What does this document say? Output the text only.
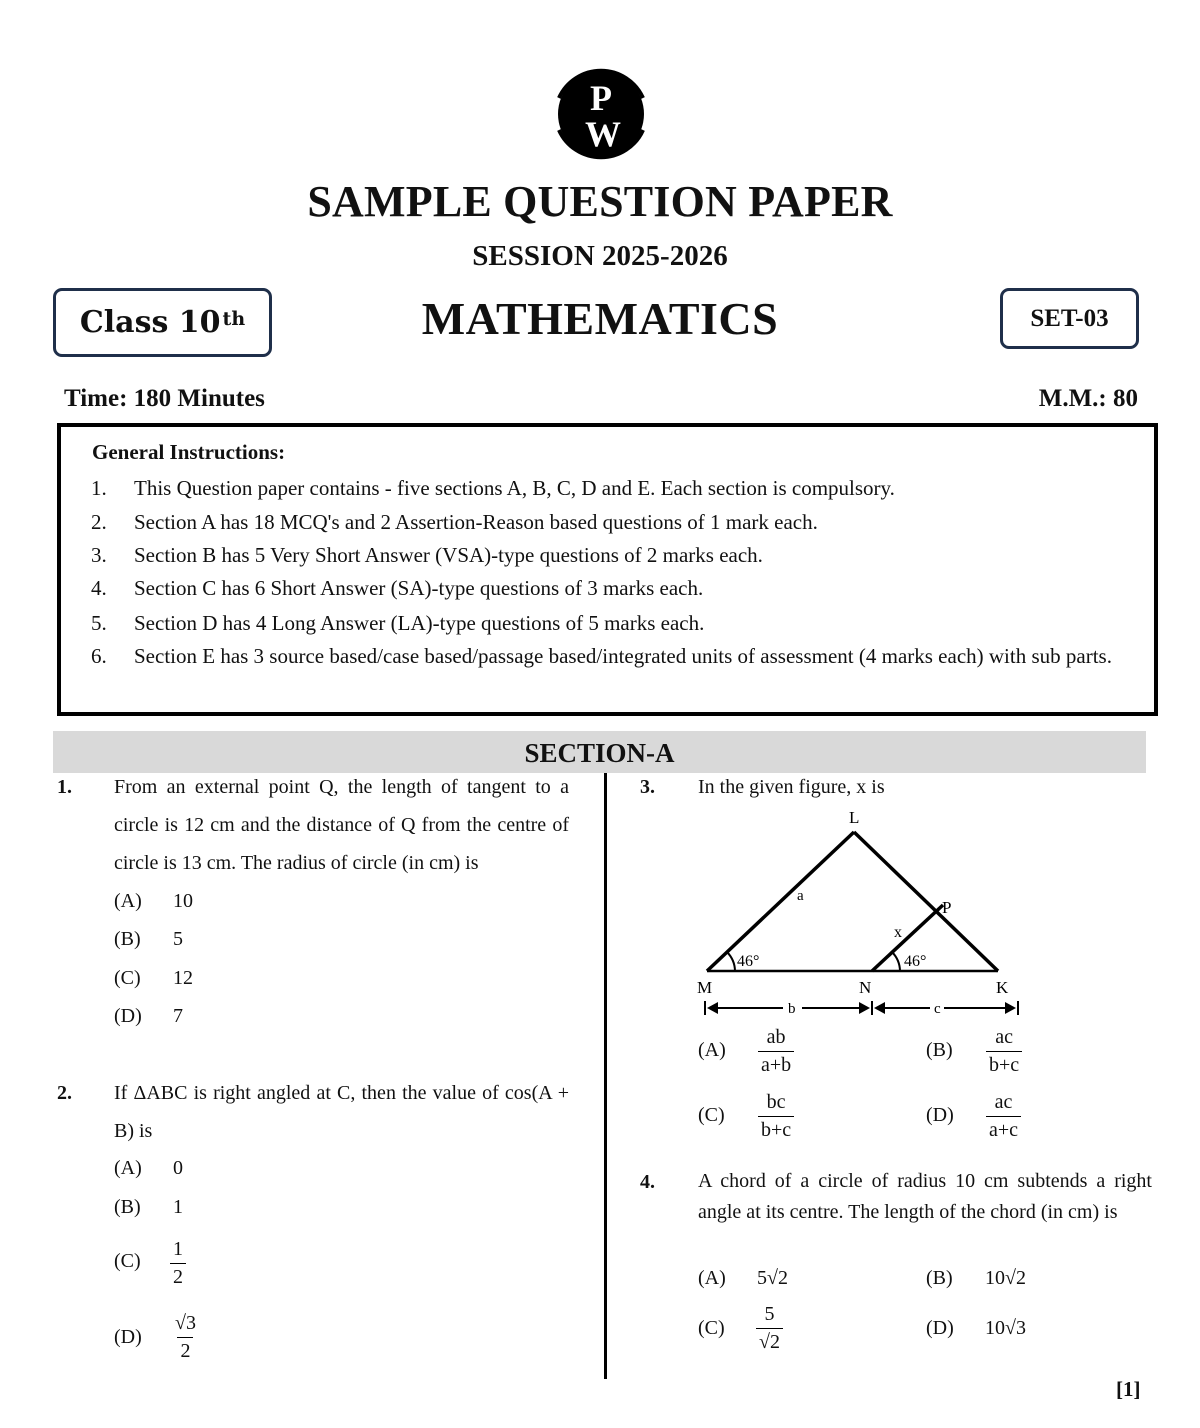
P
W
SAMPLE QUESTION PAPER
SESSION 2025-2026
MATHEMATICS
Class 10th	SET-03
Time: 180 Minutes	M.M.: 80
General Instructions:
1. This Question paper contains - five sections A, B, C, D and E. Each section is compulsory.
2. Section A has 18 MCQ's and 2 Assertion-Reason based questions of 1 mark each.
3. Section B has 5 Very Short Answer (VSA)-type questions of 2 marks each.
4. Section C has 6 Short Answer (SA)-type questions of 3 marks each.
5. Section D has 4 Long Answer (LA)-type questions of 5 marks each.
6. Section E has 3 source based/case based/passage based/integrated units of assessment (4 marks each) with sub parts.
SECTION-A
1. From an external point Q, the length of tangent to a circle is 12 cm and the distance of Q from the centre of circle is 13 cm. The radius of circle (in cm) is
(A) 10
(B) 5
(C) 12
(D) 7
2. If ΔABC is right angled at C, then the value of cos(A + B) is
(A) 0
(B) 1
$(C) \frac{1}{2}$
$(D) \frac{√3}{2}$
3. In the given figure, x is
L
M	N	K
P
a
x
46°	46°
b	c
$(A) \frac{ab}{a+b}$	$(B) \frac{ac}{b+c}$
$(C) \frac{bc}{b+c}$	$(D) \frac{ac}{a+c}$
4. A chord of a circle of radius 10 cm subtends a right angle at its centre. The length of the chord (in cm) is
(A) 5√2	(B) 10√2
$(C) \frac{5}{√2}$	(D) 10√3
[1]
